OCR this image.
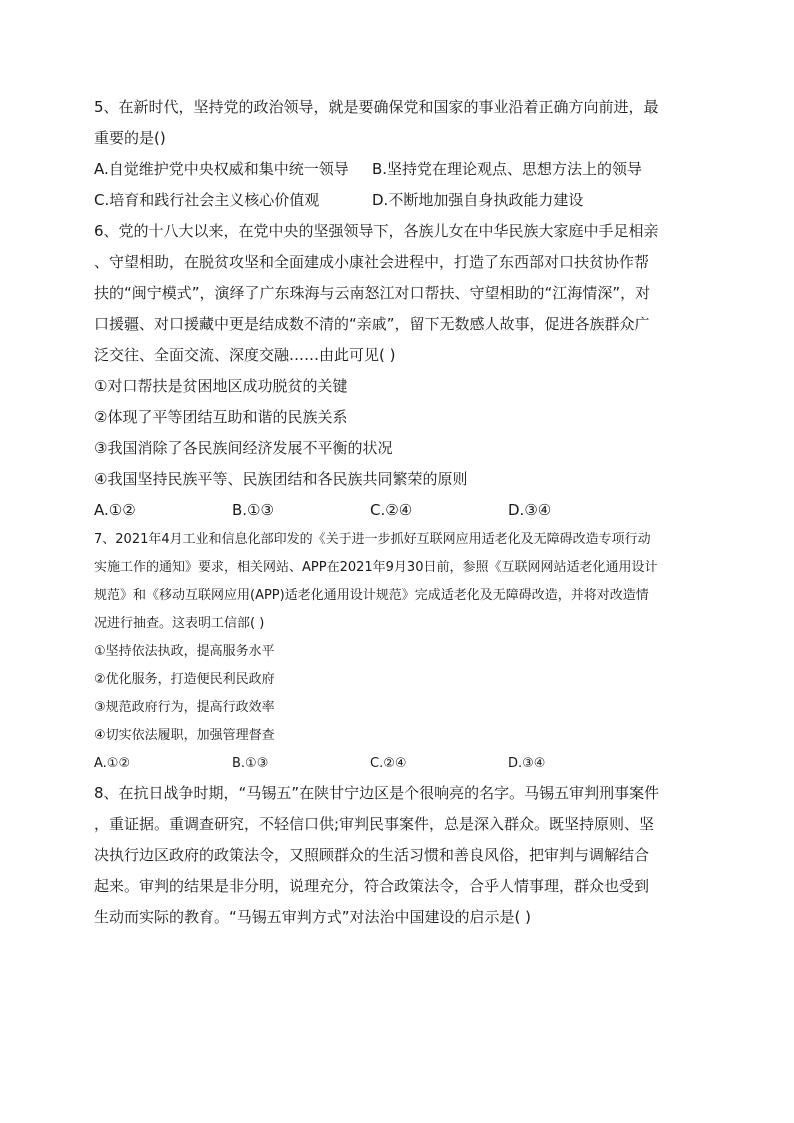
5、在新时代，坚持党的政治领导，就是要确保党和国家的事业沿着正确方向前进，最
重要的是()
A.自觉维护党中央权威和集中统一领导	B.坚持党在理论观点、思想方法上的领导
C.培育和践行社会主义核心价值观	D.不断地加强自身执政能力建设
6、党的十八大以来，在党中央的坚强领导下，各族儿女在中华民族大家庭中手足相亲
、守望相助，在脱贫攻坚和全面建成小康社会进程中，打造了东西部对口扶贫协作帮
扶的“闽宁模式”，演绎了广东珠海与云南怒江对口帮扶、守望相助的“江海情深”，对
口援疆、对口援藏中更是结成数不清的“亲戚”，留下无数感人故事，促进各族群众广
泛交往、全面交流、深度交融……由此可见( )
①对口帮扶是贫困地区成功脱贫的关键
②体现了平等团结互助和谐的民族关系
③我国消除了各民族间经济发展不平衡的状况
④我国坚持民族平等、民族团结和各民族共同繁荣的原则
A.①②	B.①③	C.②④	D.③④
7、2021年4月工业和信息化部印发的《关于进一步抓好互联网应用适老化及无障碍改造专项行动
实施工作的通知》要求，相关网站、APP在2021年9月30日前，参照《互联网网站适老化通用设计
规范》和《移动互联网应用(APP)适老化通用设计规范》完成适老化及无障碍改造，并将对改造情
况进行抽查。这表明工信部( )
①坚持依法执政，提高服务水平
②优化服务，打造便民利民政府
③规范政府行为，提高行政效率
④切实依法履职，加强管理督查
A.①②	B.①③	C.②④	D.③④
8、在抗日战争时期，“马锡五”在陕甘宁边区是个很响亮的名字。马锡五审判刑事案件
，重证据。重调查研究，不轻信口供;审判民事案件，总是深入群众。既坚持原则、坚
决执行边区政府的政策法令，又照顾群众的生活习惯和善良风俗，把审判与调解结合
起来。审判的结果是非分明，说理充分，符合政策法令，合乎人情事理，群众也受到
生动而实际的教育。“马锡五审判方式”对法治中国建设的启示是( )
